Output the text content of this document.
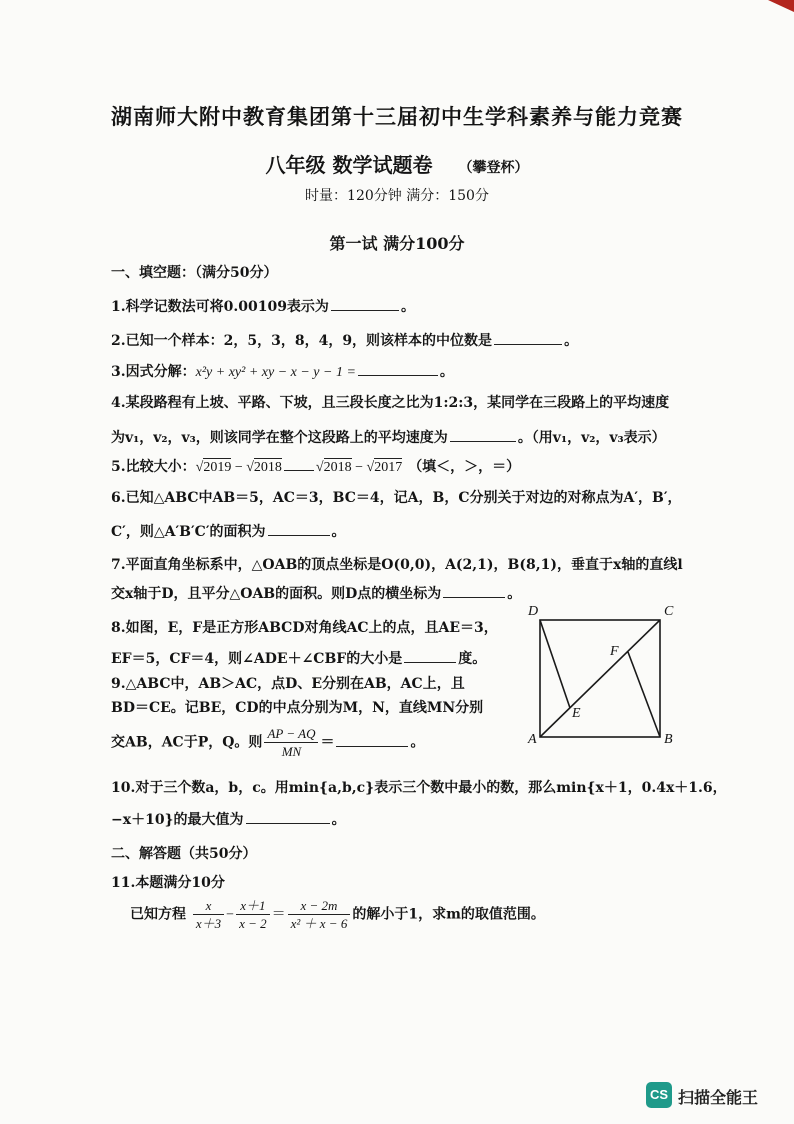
湖南师大附中教育集团第十三届初中生学科素养与能力竞赛
八年级 数学试题卷 （攀登杯）
时量：120分钟 满分：150分
第一试 满分100分
一、填空题：（满分50分）
1.科学记数法可将0.00109表示为	。
2.已知一个样本：2，5，3，8，4，9，则该样本的中位数是	。
3.因式分解：x²y + xy² + xy − x − y − 1 =	。
4.某段路程有上坡、平路、下坡，且三段长度之比为1:2:3，某同学在三段路上的平均速度
为v₁，v₂，v₃，则该同学在整个这段路上的平均速度为	。（用v₁，v₂，v₃表示）
5.比较大小：√2019 − √2018 √2018 − √2017 （填＜，＞，＝）
6.已知△ABC中AB＝5，AC＝3，BC＝4，记A，B，C分别关于对边的对称点为A′，B′，
C′，则△A′B′C′的面积为	。
7.平面直角坐标系中，△OAB的顶点坐标是O(0,0)，A(2,1)，B(8,1)，垂直于x轴的直线l
交x轴于D，且平分△OAB的面积。则D点的横坐标为	。
8.如图，E，F是正方形ABCD对角线AC上的点，且AE＝3，
EF＝5，CF＝4，则∠ADE＋∠CBF的大小是	度。
9.△ABC中，AB＞AC，点D、E分别在AB，AC上，且
BD＝CE。记BE，CD的中点分别为M，N，直线MN分别
交AB，AC于P，Q。则 $\frac{AP - AQ}{MN}$ ＝	。
D	C
F
E
A	B
10.对于三个数a，b，c。用min{a,b,c}表示三个数中最小的数，那么min{x＋1，0.4x＋1.6，
−x＋10}的最大值为	。
二、解答题（共50分）
11.本题满分10分
已知方程 $\frac{x}{x+3} - \frac{x+1}{x - 2} = \frac{x - 2m}{\text{x² ＋ x − 6}}$ 的解小于1，求m的取值范围。
CS 扫描全能王
